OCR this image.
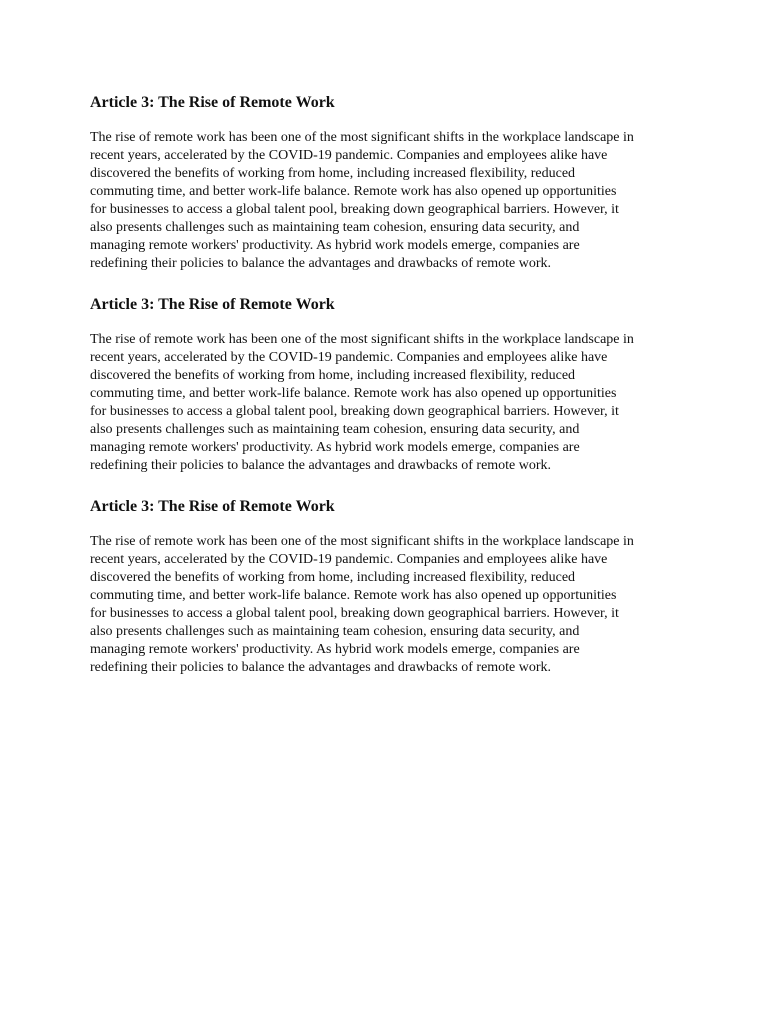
Article 3: The Rise of Remote Work

The rise of remote work has been one of the most significant shifts in the workplace landscape in
recent years, accelerated by the COVID-19 pandemic. Companies and employees alike have
discovered the benefits of working from home, including increased flexibility, reduced
commuting time, and better work-life balance. Remote work has also opened up opportunities
for businesses to access a global talent pool, breaking down geographical barriers. However, it
also presents challenges such as maintaining team cohesion, ensuring data security, and
managing remote workers' productivity. As hybrid work models emerge, companies are
redefining their policies to balance the advantages and drawbacks of remote work.

Article 3: The Rise of Remote Work

The rise of remote work has been one of the most significant shifts in the workplace landscape in
recent years, accelerated by the COVID-19 pandemic. Companies and employees alike have
discovered the benefits of working from home, including increased flexibility, reduced
commuting time, and better work-life balance. Remote work has also opened up opportunities
for businesses to access a global talent pool, breaking down geographical barriers. However, it
also presents challenges such as maintaining team cohesion, ensuring data security, and
managing remote workers' productivity. As hybrid work models emerge, companies are
redefining their policies to balance the advantages and drawbacks of remote work.

Article 3: The Rise of Remote Work

The rise of remote work has been one of the most significant shifts in the workplace landscape in
recent years, accelerated by the COVID-19 pandemic. Companies and employees alike have
discovered the benefits of working from home, including increased flexibility, reduced
commuting time, and better work-life balance. Remote work has also opened up opportunities
for businesses to access a global talent pool, breaking down geographical barriers. However, it
also presents challenges such as maintaining team cohesion, ensuring data security, and
managing remote workers' productivity. As hybrid work models emerge, companies are
redefining their policies to balance the advantages and drawbacks of remote work.
